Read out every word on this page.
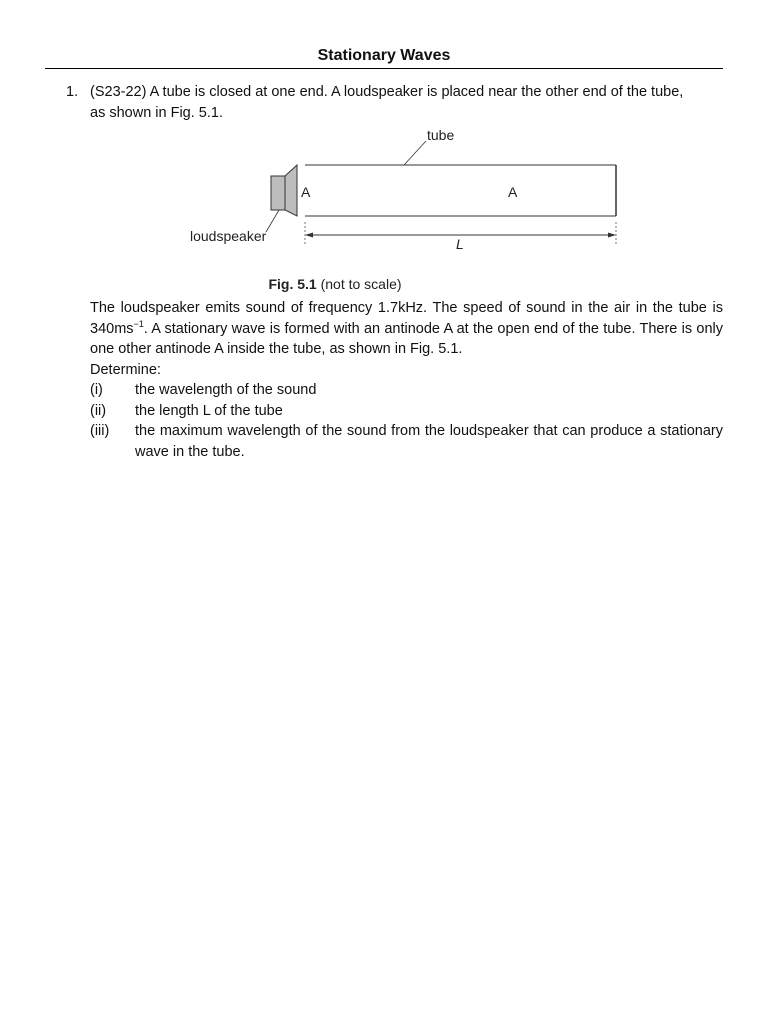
Stationary Waves
1. (S23-22) A tube is closed at one end. A loudspeaker is placed near the other end of the tube,
as shown in Fig. 5.1.
tube
A	A
loudspeaker	L
Fig. 5.1 (not to scale)
The loudspeaker emits sound of frequency 1.7kHz. The speed of sound in the air in the tube is $340ms^{-1}$. A stationary wave is formed with an antinode A at the open end of the tube. There is only one other antinode A inside the tube, as shown in Fig. 5.1.
Determine:
(i) the wavelength of the sound
(ii) the length L of the tube
(iii) the maximum wavelength of the sound from the loudspeaker that can produce a stationary wave in the tube.
